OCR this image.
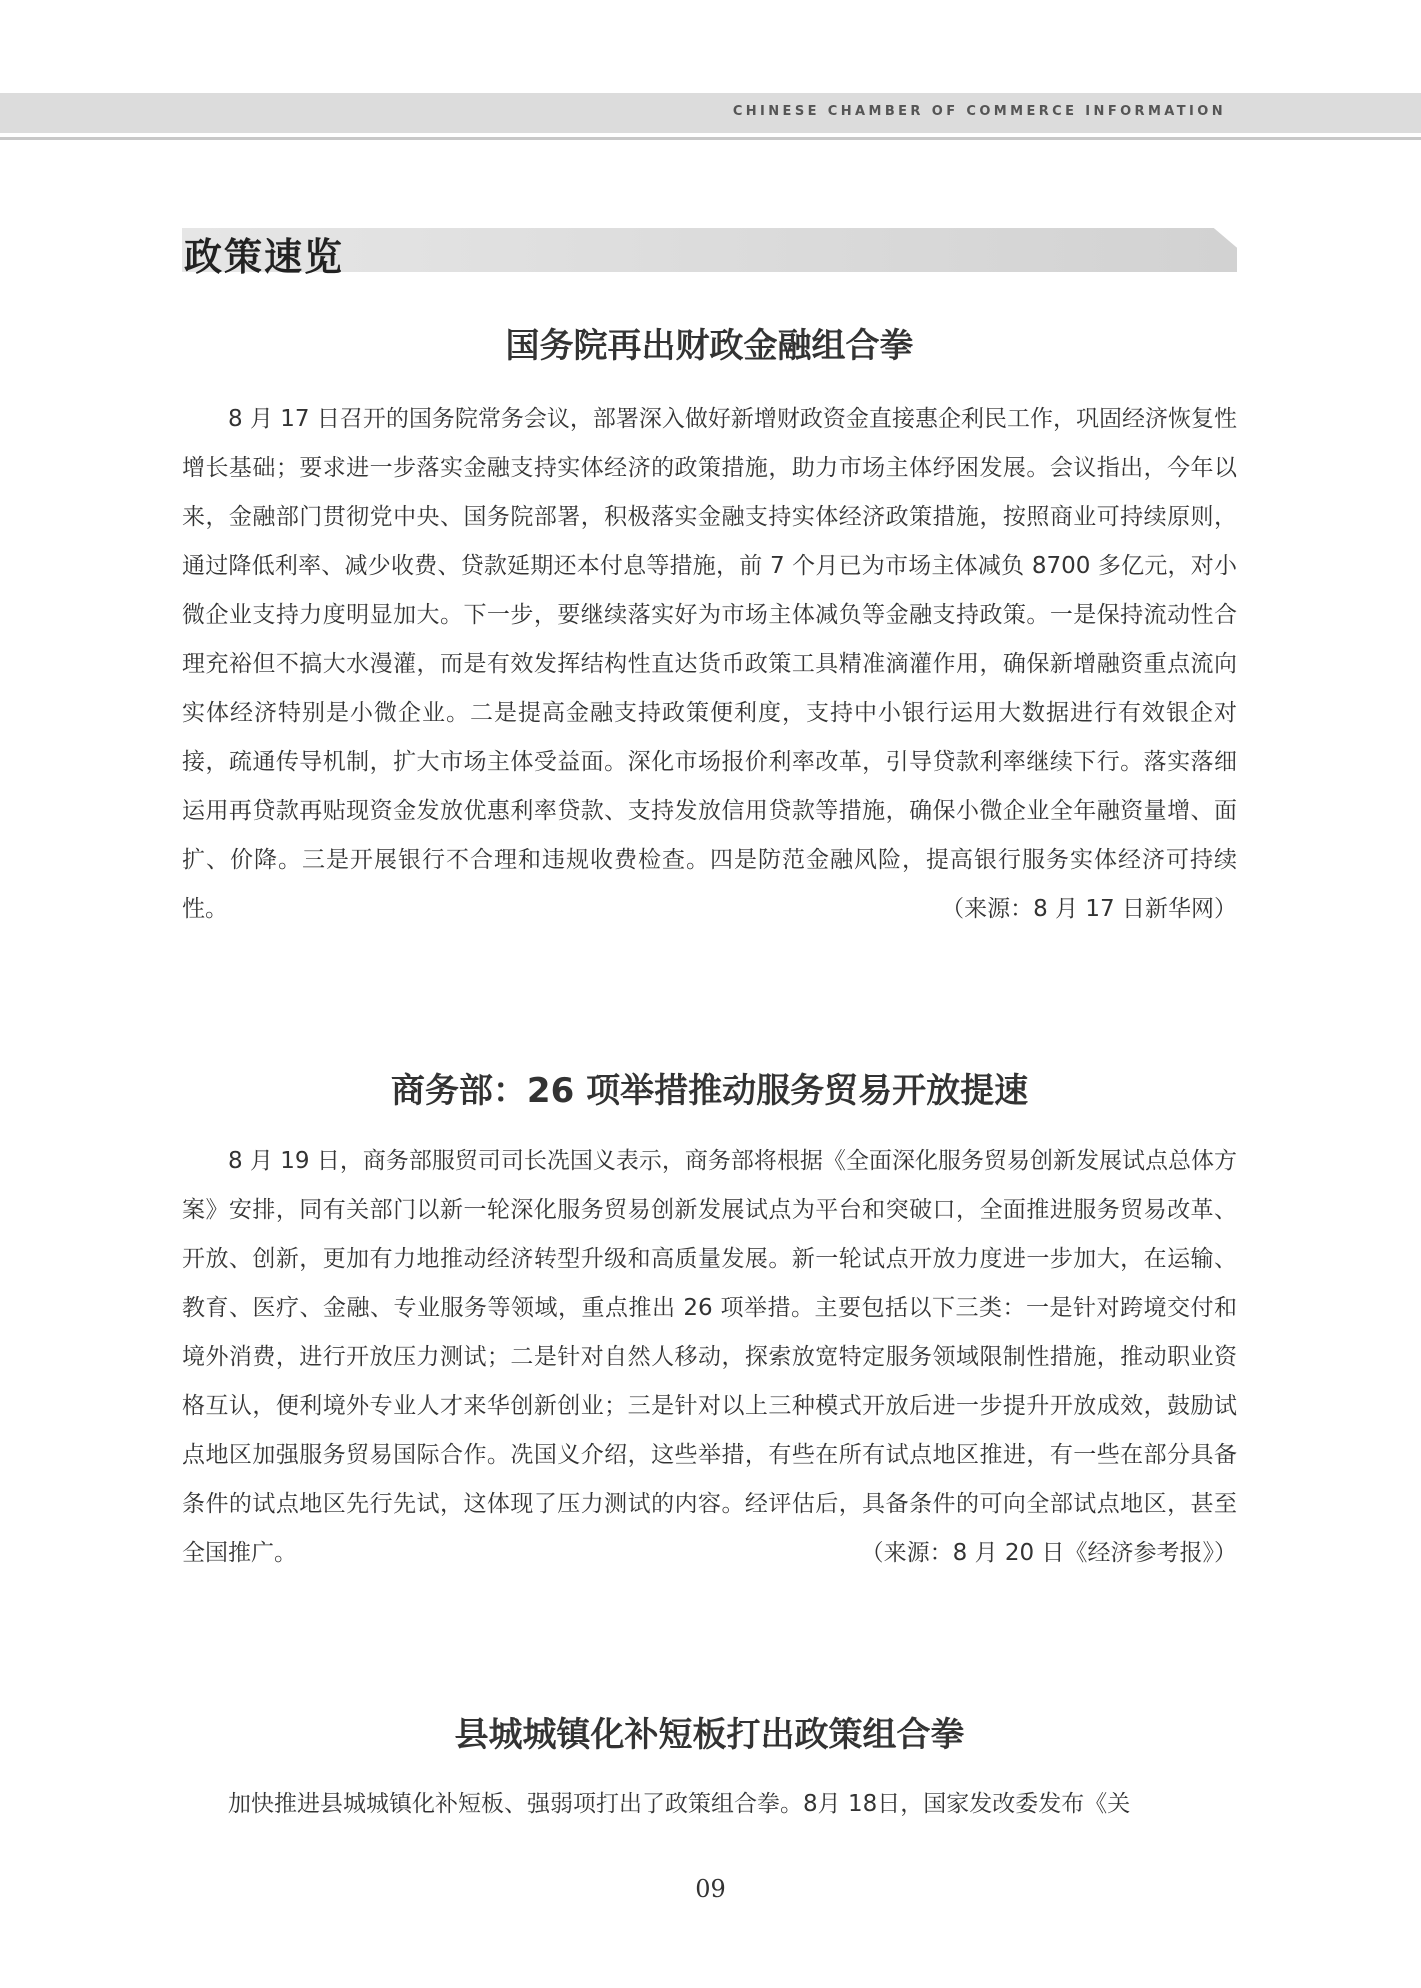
CHINESE CHAMBER OF COMMERCE INFORMATION
政策速览
国务院再出财政金融组合拳

8 月 17 日召开的国务院常务会议，部署深入做好新增财政资金直接惠企利民工作，巩固经济恢复性增长基础；要求进一步落实金融支持实体经济的政策措施，助力市场主体纾困发展。会议指出，今年以来，金融部门贯彻党中央、国务院部署，积极落实金融支持实体经济政策措施，按照商业可持续原则，通过降低利率、减少收费、贷款延期还本付息等措施，前 7 个月已为市场主体减负 8700 多亿元，对小微企业支持力度明显加大。下一步，要继续落实好为市场主体减负等金融支持政策。一是保持流动性合理充裕但不搞大水漫灌，而是有效发挥结构性直达货币政策工具精准滴灌作用，确保新增融资重点流向实体经济特别是小微企业。二是提高金融支持政策便利度，支持中小银行运用大数据进行有效银企对接，疏通传导机制，扩大市场主体受益面。深化市场报价利率改革，引导贷款利率继续下行。落实落细运用再贷款再贴现资金发放优惠利率贷款、支持发放信用贷款等措施，确保小微企业全年融资量增、面扩、价降。三是开展银行不合理和违规收费检查。四是防范金融风险，提高银行服务实体经济可持续性。	（来源：8 月 17 日新华网）

商务部：26 项举措推动服务贸易开放提速

8 月 19 日，商务部服贸司司长冼国义表示，商务部将根据《全面深化服务贸易创新发展试点总体方案》安排，同有关部门以新一轮深化服务贸易创新发展试点为平台和突破口，全面推进服务贸易改革、开放、创新，更加有力地推动经济转型升级和高质量发展。新一轮试点开放力度进一步加大，在运输、教育、医疗、金融、专业服务等领域，重点推出 26 项举措。主要包括以下三类：一是针对跨境交付和境外消费，进行开放压力测试；二是针对自然人移动，探索放宽特定服务领域限制性措施，推动职业资格互认，便利境外专业人才来华创新创业；三是针对以上三种模式开放后进一步提升开放成效，鼓励试点地区加强服务贸易国际合作。冼国义介绍，这些举措，有些在所有试点地区推进，有一些在部分具备条件的试点地区先行先试，这体现了压力测试的内容。经评估后，具备条件的可向全部试点地区，甚至全国推广。	（来源：8 月 20 日《经济参考报》）

县城城镇化补短板打出政策组合拳

加快推进县城城镇化补短板、强弱项打出了政策组合拳。8月 18日，国家发改委发布《关

09
